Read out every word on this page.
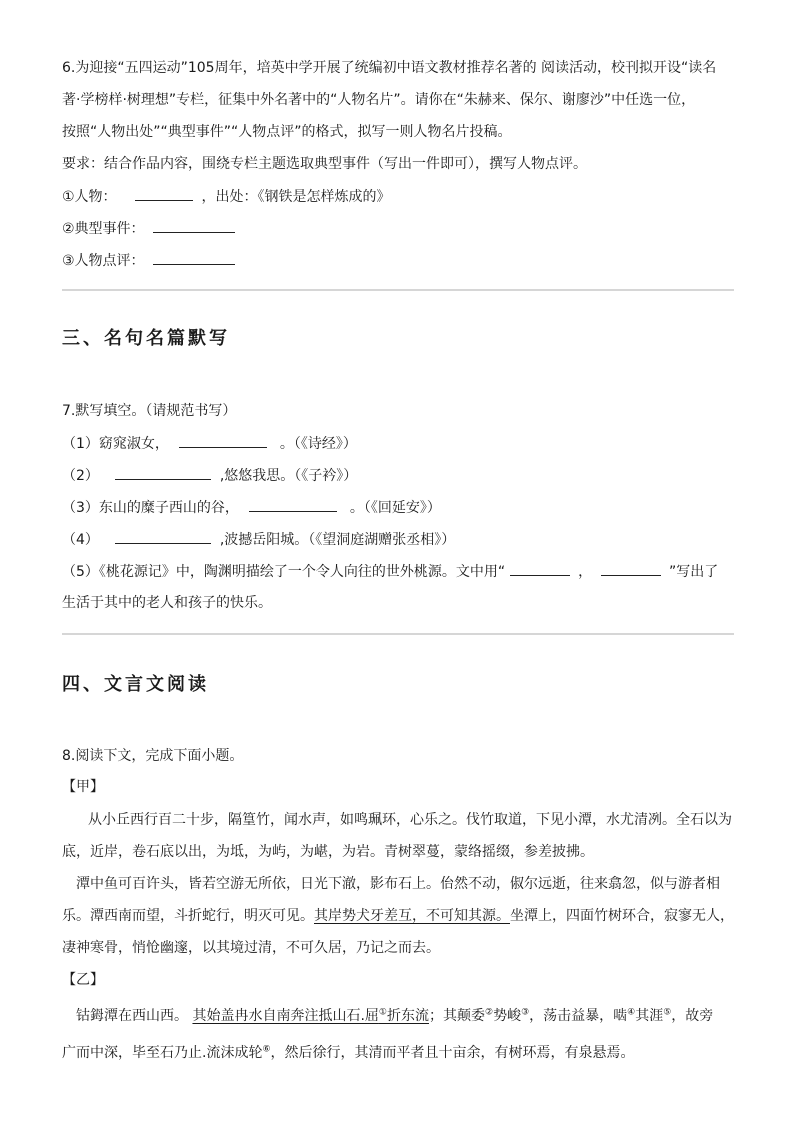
6.为迎接“五四运动”105周年，培英中学开展了统编初中语文教材推荐名著的 阅读活动，校刊拟开设“读名
著·学榜样·树理想”专栏，征集中外名著中的“人物名片”。请你在“朱赫来、保尔、谢廖沙”中任选一位，
按照“人物出处”“典型事件”“人物点评”的格式，拟写一则人物名片投稿。
要求：结合作品内容，围绕专栏主题选取典型事件（写出一件即可），撰写人物点评。
①人物：	，出处：《钢铁是怎样炼成的》
②典型事件：
③人物点评：
三、名句名篇默写
7.默写填空。（请规范书写）
（1）窈窕淑女，	。（《诗经》）
（2）	,悠悠我思。（《子衿》）
（3）东山的糜子西山的谷，	。（《回延安》）
（4）	,波撼岳阳城。（《望洞庭湖赠张丞相》）
（5）《桃花源记》中，陶渊明描绘了一个令人向往的世外桃源。文中用“	，	”写出了
生活于其中的老人和孩子的快乐。
四、文言文阅读
8.阅读下文，完成下面小题。
【甲】
从小丘西行百二十步，隔篁竹，闻水声，如鸣珮环，心乐之。伐竹取道，下见小潭，水尤清冽。全石以为
底，近岸，卷石底以出，为坻，为屿，为嵁，为岩。青树翠蔓，蒙络摇缀，参差披拂。
潭中鱼可百许头，皆若空游无所依，日光下澈，影布石上。佁然不动，俶尔远逝，往来翕忽，似与游者相
乐。潭西南而望，斗折蛇行，明灭可见。其岸势犬牙差互，不可知其源。坐潭上，四面竹树环合，寂寥无人，
凄神寒骨，悄怆幽邃，以其境过清，不可久居，乃记之而去。
【乙】
钴鉧潭在西山西。 其始盖冉水自南奔注抵山石.屈①折东流；其颠委②势峻③，荡击益暴，啮④其涯⑤，故旁
广而中深，毕至石乃止.流沫成轮⑥，然后徐行，其清而平者且十亩余，有树环焉，有泉悬焉。
